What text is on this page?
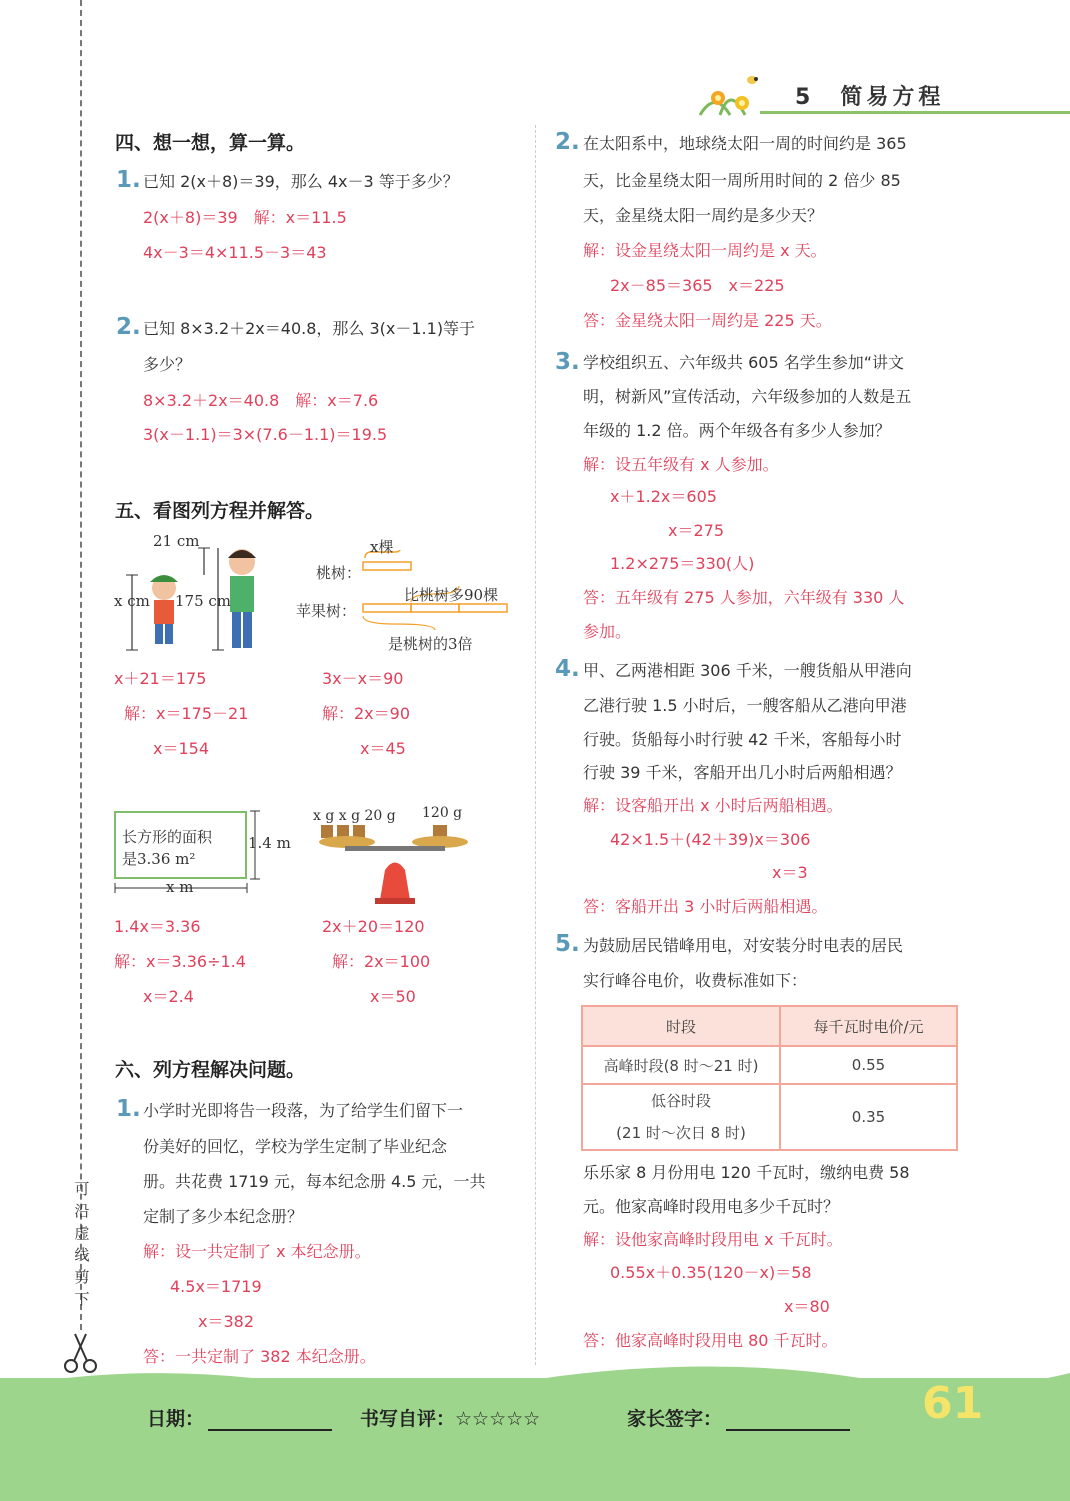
5　 简易方程
可
沿
虚
线
剪
下
四、想一想，算一算。
1. 已知 2(x＋8)＝39，那么 4x－3 等于多少？
2(x＋8)＝39　解：x＝11.5
4x－3＝4×11.5－3＝43
2. 已知 8×3.2＋2x＝40.8，那么 3(x－1.1)等于
多少？
8×3.2＋2x＝40.8　解：x＝7.6
3(x－1.1)＝3×(7.6－1.1)＝19.5
五、看图列方程并解答。
21 cm
x cm 175 cm
x＋21＝175
解：x＝175－21
x＝154
x棵
桃树：
苹果树：
比桃树多90棵
是桃树的3倍
3x－x＝90
解：2x＝90
x＝45
长方形的面积
是3.36 m²
1.4 m
x m
1.4x＝3.36
解：x＝3.36÷1.4
x＝2.4
x g x g 20 g 120 g
2x＋20＝120
解：2x＝100
x＝50
六、列方程解决问题。
1. 小学时光即将告一段落，为了给学生们留下一
份美好的回忆，学校为学生定制了毕业纪念
册。共花费 1719 元，每本纪念册 4.5 元，一共
定制了多少本纪念册？
解：设一共定制了 x 本纪念册。
4.5x＝1719
x＝382
答：一共定制了 382 本纪念册。
2. 在太阳系中，地球绕太阳一周的时间约是 365
天，比金星绕太阳一周所用时间的 2 倍少 85
天，金星绕太阳一周约是多少天？
解：设金星绕太阳一周约是 x 天。
2x－85＝365　x＝225
答：金星绕太阳一周约是 225 天。
3. 学校组织五、六年级共 605 名学生参加“讲文
明，树新风”宣传活动，六年级参加的人数是五
年级的 1.2 倍。两个年级各有多少人参加？
解：设五年级有 x 人参加。
x＋1.2x＝605
x＝275
1.2×275＝330(人)
答：五年级有 275 人参加，六年级有 330 人
参加。
4. 甲、乙两港相距 306 千米，一艘货船从甲港向
乙港行驶 1.5 小时后，一艘客船从乙港向甲港
行驶。货船每小时行驶 42 千米，客船每小时
行驶 39 千米，客船开出几小时后两船相遇？
解：设客船开出 x 小时后两船相遇。
42×1.5＋(42＋39)x＝306
x＝3
答：客船开出 3 小时后两船相遇。
5. 为鼓励居民错峰用电，对安装分时电表的居民
实行峰谷电价，收费标准如下：
时段	每千瓦时电价/元
高峰时段(8 时～21 时)	0.55

低谷时段
(21 时～次日 8 时)	0.35
乐乐家 8 月份用电 120 千瓦时，缴纳电费 58
元。他家高峰时段用电多少千瓦时？
解：设他家高峰时段用电 x 千瓦时。
0.55x＋0.35(120－x)＝58
x＝80
答：他家高峰时段用电 80 千瓦时。
日期：	书写自评：☆☆☆☆☆	家长签字：	61
